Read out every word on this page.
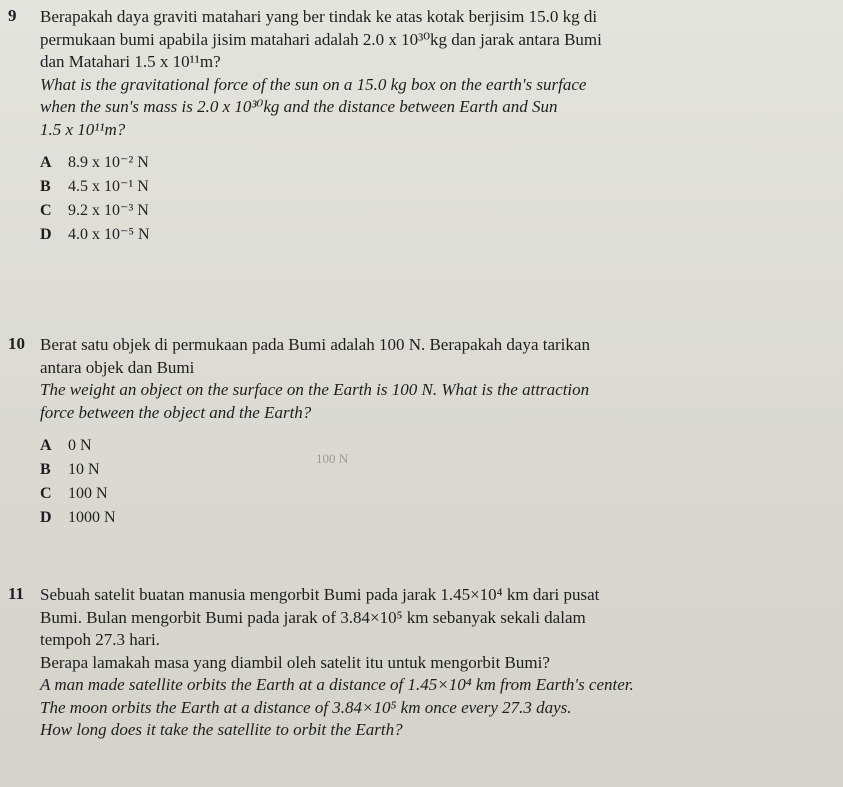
9 Berapakah daya graviti matahari yang ber tindak ke atas kotak berjisim 15.0 kg di
permukaan bumi apabila jisim matahari adalah 2.0 x 10³⁰kg dan jarak antara Bumi
dan Matahari 1.5 x 10¹¹m?
What is the gravitational force of the sun on a 15.0 kg box on the earth's surface
when the sun's mass is 2.0 x 10³⁰kg and the distance between Earth and Sun
1.5 x 10¹¹m?
A 8.9 x 10⁻² N
B 4.5 x 10⁻¹ N
C 9.2 x 10⁻³ N
D 4.0 x 10⁻⁵ N
10 Berat satu objek di permukaan pada Bumi adalah 100 N. Berapakah daya tarikan
antara objek dan Bumi
The weight an object on the surface on the Earth is 100 N. What is the attraction
force between the object and the Earth?
A 0 N
B 10 N
C 100 N
D 1000 N
100 N
11 Sebuah satelit buatan manusia mengorbit Bumi pada jarak 1.45×10⁴ km dari pusat
Bumi. Bulan mengorbit Bumi pada jarak of 3.84×10⁵ km sebanyak sekali dalam
tempoh 27.3 hari.
Berapa lamakah masa yang diambil oleh satelit itu untuk mengorbit Bumi?
A man made satellite orbits the Earth at a distance of 1.45×10⁴ km from Earth's center.
The moon orbits the Earth at a distance of 3.84×10⁵ km once every 27.3 days.
How long does it take the satellite to orbit the Earth?
